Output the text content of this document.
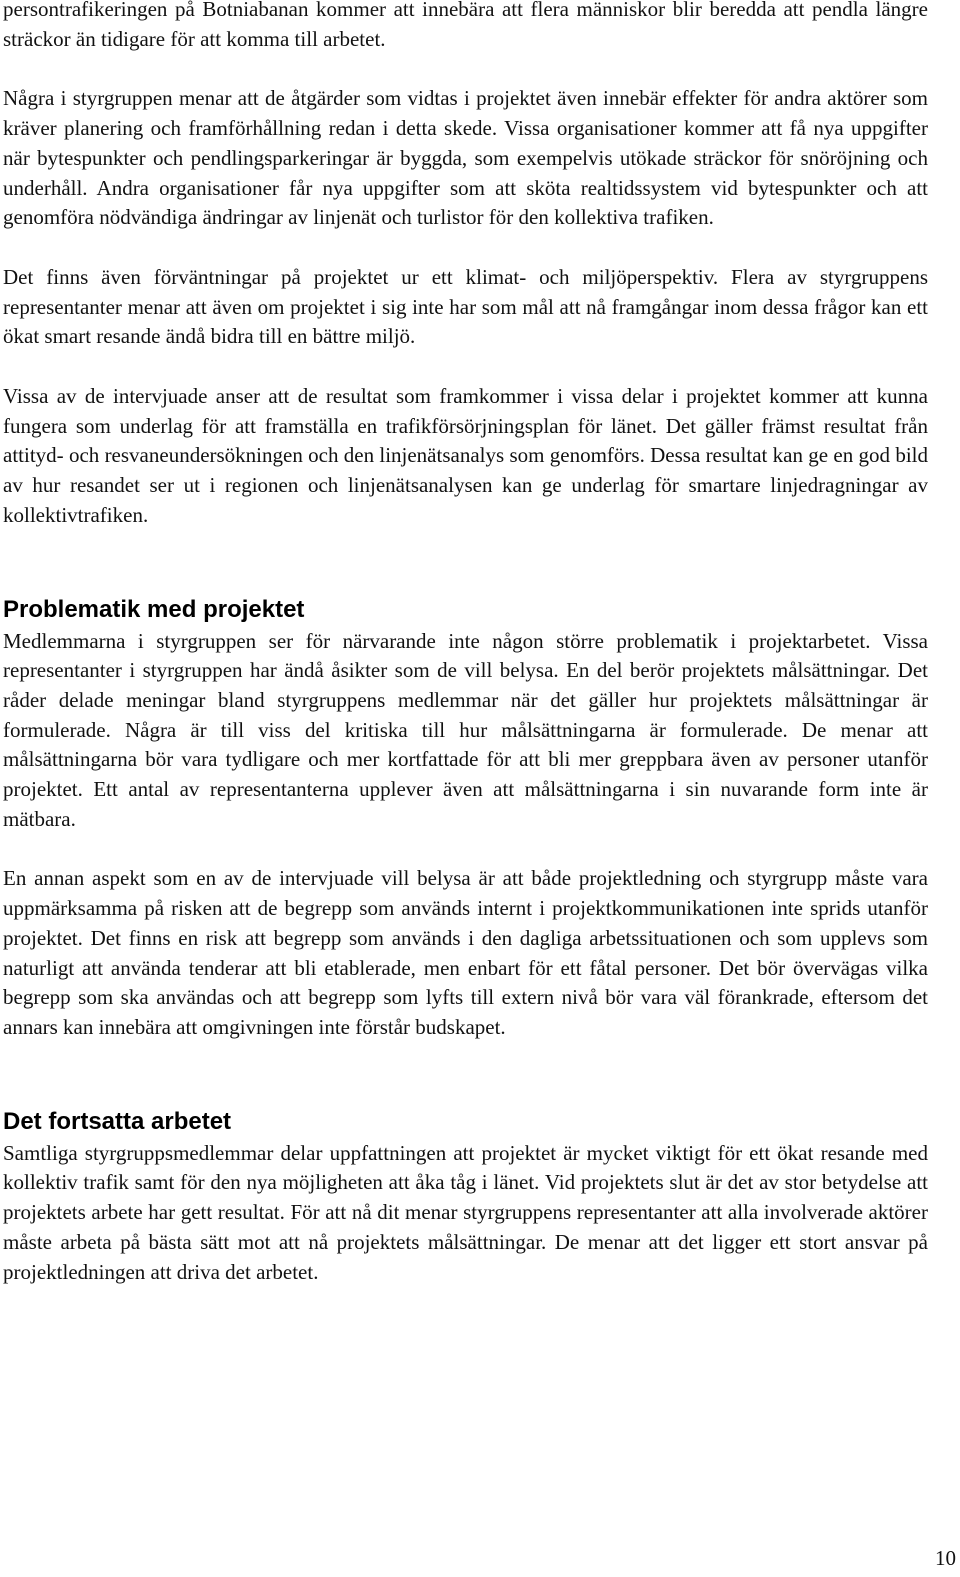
persontrafikeringen på Botniabanan kommer att innebära att flera människor blir beredda att pendla längre sträckor än tidigare för att komma till arbetet.

Några i styrgruppen menar att de åtgärder som vidtas i projektet även innebär effekter för andra aktörer som kräver planering och framförhållning redan i detta skede. Vissa organisationer kommer att få nya uppgifter när bytespunkter och pendlingsparkeringar är byggda, som exempelvis utökade sträckor för snöröjning och underhåll. Andra organisationer får nya uppgifter som att sköta realtidssystem vid bytespunkter och att genomföra nödvändiga ändringar av linjenät och turlistor för den kollektiva trafiken.

Det finns även förväntningar på projektet ur ett klimat- och miljöperspektiv. Flera av styrgruppens representanter menar att även om projektet i sig inte har som mål att nå framgångar inom dessa frågor kan ett ökat smart resande ändå bidra till en bättre miljö.

Vissa av de intervjuade anser att de resultat som framkommer i vissa delar i projektet kommer att kunna fungera som underlag för att framställa en trafikförsörjningsplan för länet. Det gäller främst resultat från attityd- och resvaneundersökningen och den linjenätsanalys som genomförs. Dessa resultat kan ge en god bild av hur resandet ser ut i regionen och linjenätsanalysen kan ge underlag för smartare linjedragningar av kollektivtrafiken.

Problematik med projektet

Medlemmarna i styrgruppen ser för närvarande inte någon större problematik i projektarbetet. Vissa representanter i styrgruppen har ändå åsikter som de vill belysa. En del berör projektets målsättningar. Det råder delade meningar bland styrgruppens medlemmar när det gäller hur projektets målsättningar är formulerade. Några är till viss del kritiska till hur målsättningarna är formulerade. De menar att målsättningarna bör vara tydligare och mer kortfattade för att bli mer greppbara även av personer utanför projektet. Ett antal av representanterna upplever även att målsättningarna i sin nuvarande form inte är mätbara.

En annan aspekt som en av de intervjuade vill belysa är att både projektledning och styrgrupp måste vara uppmärksamma på risken att de begrepp som används internt i projektkommunikationen inte sprids utanför projektet. Det finns en risk att begrepp som används i den dagliga arbetssituationen och som upplevs som naturligt att använda tenderar att bli etablerade, men enbart för ett fåtal personer. Det bör övervägas vilka begrepp som ska användas och att begrepp som lyfts till extern nivå bör vara väl förankrade, eftersom det annars kan innebära att omgivningen inte förstår budskapet.

Det fortsatta arbetet

Samtliga styrgruppsmedlemmar delar uppfattningen att projektet är mycket viktigt för ett ökat resande med kollektiv trafik samt för den nya möjligheten att åka tåg i länet. Vid projektets slut är det av stor betydelse att projektets arbete har gett resultat. För att nå dit menar styrgruppens representanter att alla involverade aktörer måste arbeta på bästa sätt mot att nå projektets målsättningar. De menar att det ligger ett stort ansvar på projektledningen att driva det arbetet.

10
